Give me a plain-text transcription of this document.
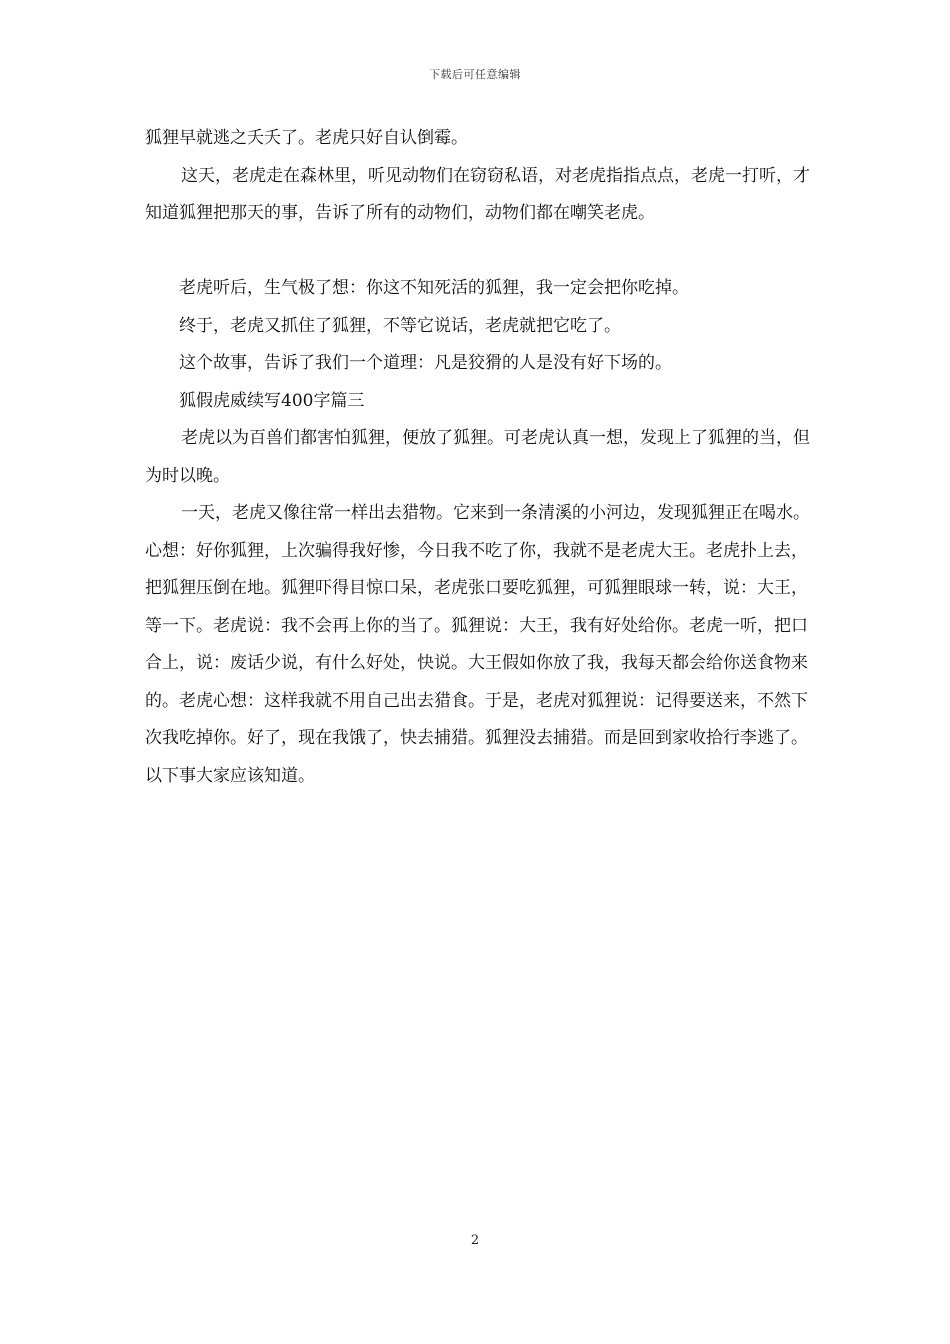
下载后可任意编辑

狐狸早就逃之夭夭了。老虎只好自认倒霉。

这天，老虎走在森林里，听见动物们在窃窃私语，对老虎指指点点，老虎一打听，才知道狐狸把那天的事，告诉了所有的动物们，动物们都在嘲笑老虎。

老虎听后，生气极了想：你这不知死活的狐狸，我一定会把你吃掉。

终于，老虎又抓住了狐狸，不等它说话，老虎就把它吃了。

这个故事，告诉了我们一个道理：凡是狡猾的人是没有好下场的。

狐假虎威续写400字篇三

老虎以为百兽们都害怕狐狸，便放了狐狸。可老虎认真一想，发现上了狐狸的当，但为时以晚。

一天，老虎又像往常一样出去猎物。它来到一条清溪的小河边，发现狐狸正在喝水。心想：好你狐狸，上次骗得我好惨，今日我不吃了你，我就不是老虎大王。老虎扑上去，把狐狸压倒在地。狐狸吓得目惊口呆，老虎张口要吃狐狸，可狐狸眼球一转，说：大王，等一下。老虎说：我不会再上你的当了。狐狸说：大王，我有好处给你。老虎一听，把口合上，说：废话少说，有什么好处，快说。大王假如你放了我，我每天都会给你送食物来的。老虎心想：这样我就不用自己出去猎食。于是，老虎对狐狸说：记得要送来，不然下次我吃掉你。好了，现在我饿了，快去捕猎。狐狸没去捕猎。而是回到家收拾行李逃了。以下事大家应该知道。

2
